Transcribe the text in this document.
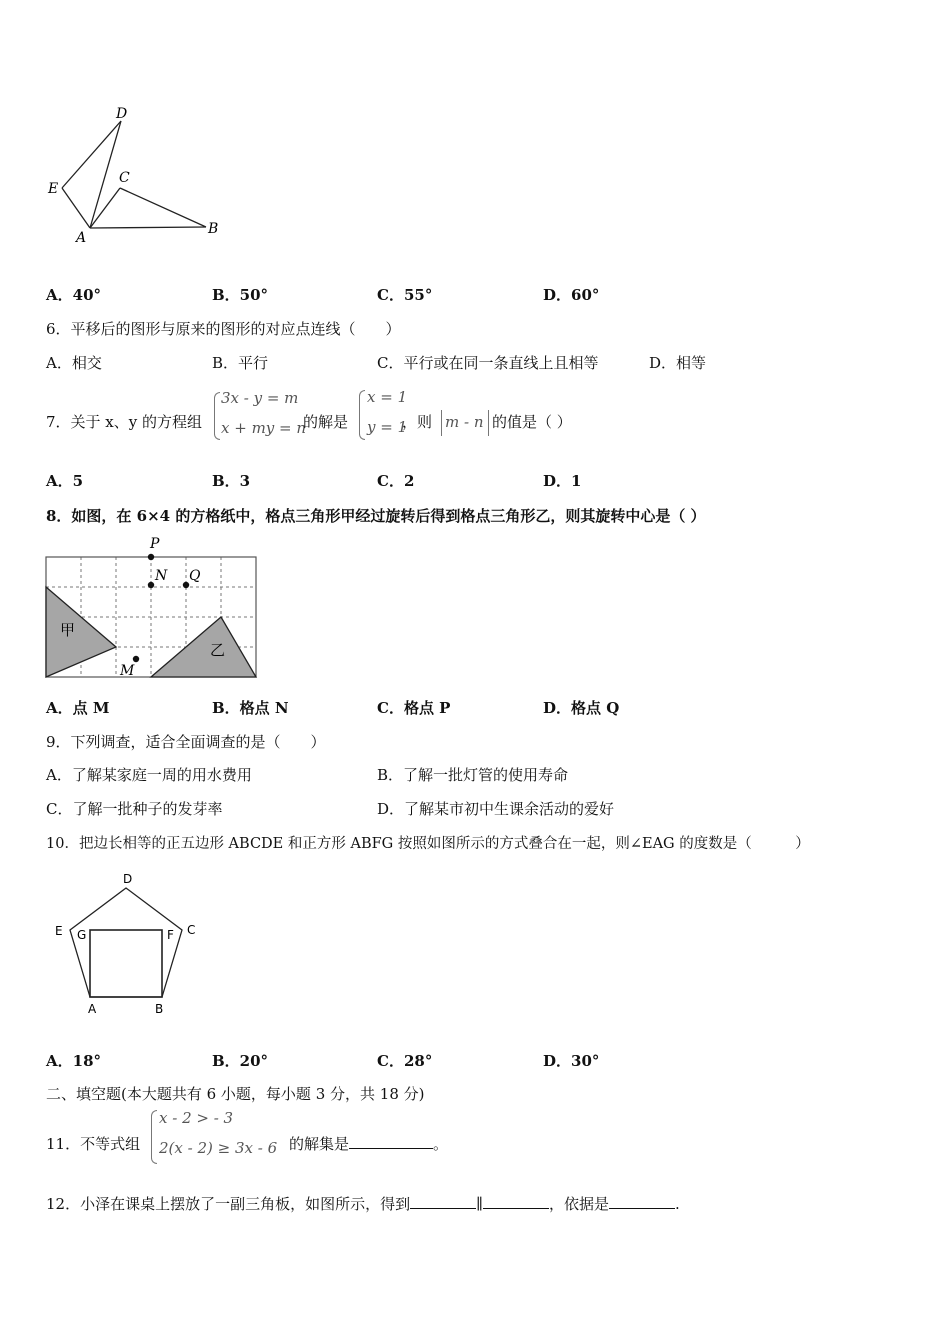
D
E
C
A
B
A．40°	B．50°	C．55°	D．60°
6．平移后的图形与原来的图形的对应点连线（　　）
A．相交	B．平行	C．平行或在同一条直线上且相等	D．相等
7．关于 x、y 的方程组
3x - y = m
x + my = n
的解是
x = 1
y = 1
，则 m - n 的值是（ ）
A．5	B．3	C．2	D．1
8．如图，在 6×4 的方格纸中，格点三角形甲经过旋转后得到格点三角形乙，则其旋转中心是（ ）
甲
乙
P
N Q
M
A．点 M	B．格点 N	C．格点 P	D．格点 Q
9．下列调查，适合全面调查的是（　　）
A．了解某家庭一周的用水费用	B．了解一批灯管的使用寿命
C．了解一批种子的发芽率	D．了解某市初中生课余活动的爱好
10．把边长相等的正五边形 ABCDE 和正方形 ABFG 按照如图所示的方式叠合在一起，则∠EAG 的度数是（　　　）
D
E G	F C
A	B
A．18°	B．20°	C．28°	D．30°
二、填空题(本大题共有 6 小题，每小题 3 分，共 18 分)
11．不等式组
x - 2 > - 3
2(x - 2) ≥ 3x - 6 的解集是	。
12．小泽在课桌上摆放了一副三角板，如图所示，得到	∥	，依据是	.
